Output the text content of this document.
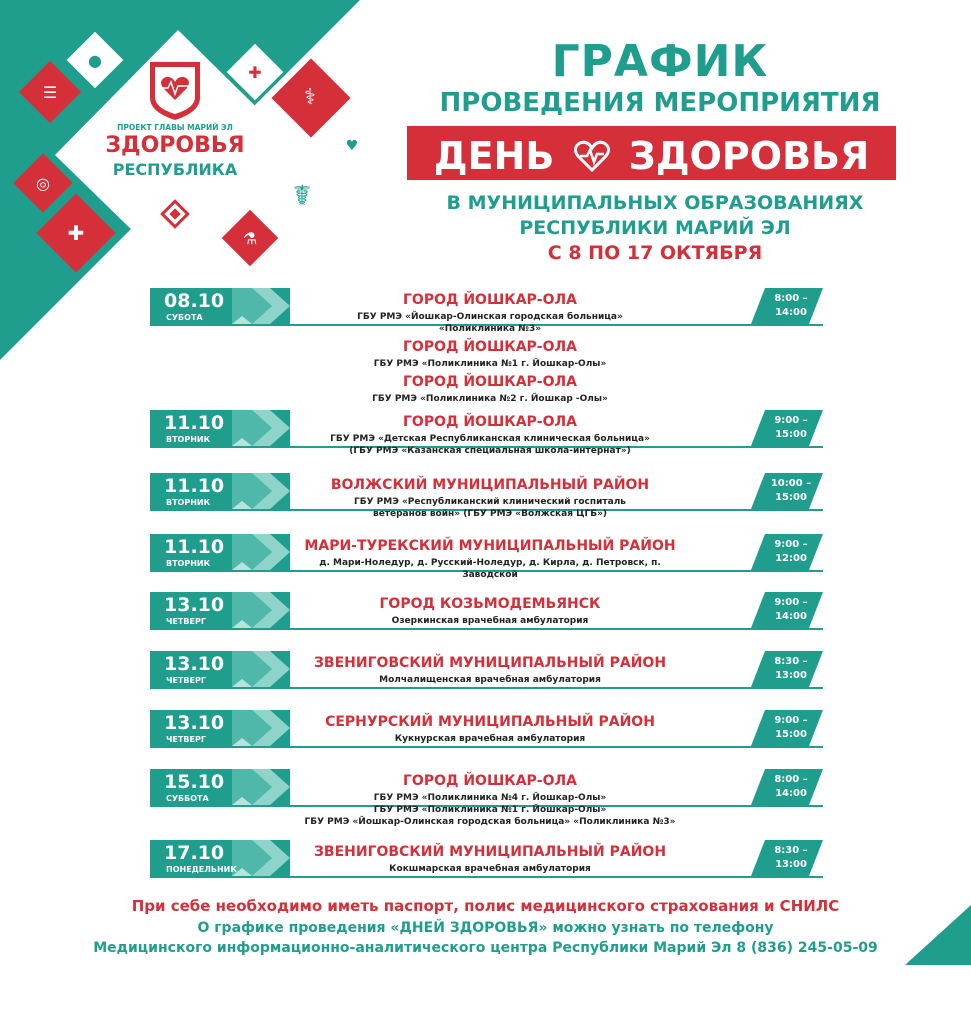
✚
⚕
☤
✚
♥
☰
●
◎
⚗
ПРОЕКТ ГЛАВЫ МАРИЙ ЭЛ
ЗДОРОВЬЯ
РЕСПУБЛИКА
ГРАФИК
ПРОВЕДЕНИЯ МЕРОПРИЯТИЯ
ДЕНЬ ЗДОРОВЬЯ
В МУНИЦИПАЛЬНЫХ ОБРАЗОВАНИЯХ
РЕСПУБЛИКИ МАРИЙ ЭЛ
С 8 ПО 17 ОКТЯБРЯ
08.10
СУБОТА
8:00 –
14:00
ГОРОД ЙОШКАР-ОЛА
ГБУ РМЭ «Йошкар-Олинская городская больница»
«Поликлиника №3»
ГОРОД ЙОШКАР-ОЛА
ГБУ РМЭ «Поликлиника №1 г. Йошкар-Олы»
ГОРОД ЙОШКАР-ОЛА
ГБУ РМЭ «Поликлиника №2 г. Йошкар -Олы»
11.10
ВТОРНИК
9:00 –
15:00
ГОРОД ЙОШКАР-ОЛА
ГБУ РМЭ «Детская Республиканская клиническая больница»
(ГБУ РМЭ «Казанская специальная школа-интернат»)
11.10
ВТОРНИК
10:00 –
15:00
ВОЛЖСКИЙ МУНИЦИПАЛЬНЫЙ РАЙОН
ГБУ РМЭ «Республиканский клинический госпиталь
ветеранов войн» (ГБУ РМЭ «Волжская ЦГБ»)
11.10
ВТОРНИК
9:00 –
12:00
МАРИ-ТУРЕКСКИЙ МУНИЦИПАЛЬНЫЙ РАЙОН
д. Мари-Ноледур, д. Русский-Ноледур, д. Кирла, д. Петровск, п. Заводской
13.10
ЧЕТВЕРГ
9:00 –
14:00
ГОРОД КОЗЬМОДЕМЬЯНСК
Озеркинская врачебная амбулатория
13.10
ЧЕТВЕРГ
8:30 –
13:00
ЗВЕНИГОВСКИЙ МУНИЦИПАЛЬНЫЙ РАЙОН
Молчалищенская врачебная амбулатория
13.10
ЧЕТВЕРГ
9:00 –
15:00
СЕРНУРСКИЙ МУНИЦИПАЛЬНЫЙ РАЙОН
Кукнурская врачебная амбулатория
15.10
СУББОТА
8:00 –
14:00
ГОРОД ЙОШКАР-ОЛА
ГБУ РМЭ «Поликлиника №4 г. Йошкар-Олы»
ГБУ РМЭ «Поликлиника №1 г. Йошкар-Олы»
ГБУ РМЭ «Йошкар-Олинская городская больница» «Поликлиника №3»
17.10
ПОНЕДЕЛЬНИК
8:30 –
13:00
ЗВЕНИГОВСКИЙ МУНИЦИПАЛЬНЫЙ РАЙОН
Кокшмарская врачебная амбулатория
При себе необходимо иметь паспорт, полис медицинского страхования и СНИЛС
О графике проведения «ДНЕЙ ЗДОРОВЬЯ» можно узнать по телефону
Медицинского информационно-аналитического центра Республики Марий Эл 8 (836) 245-05-09
